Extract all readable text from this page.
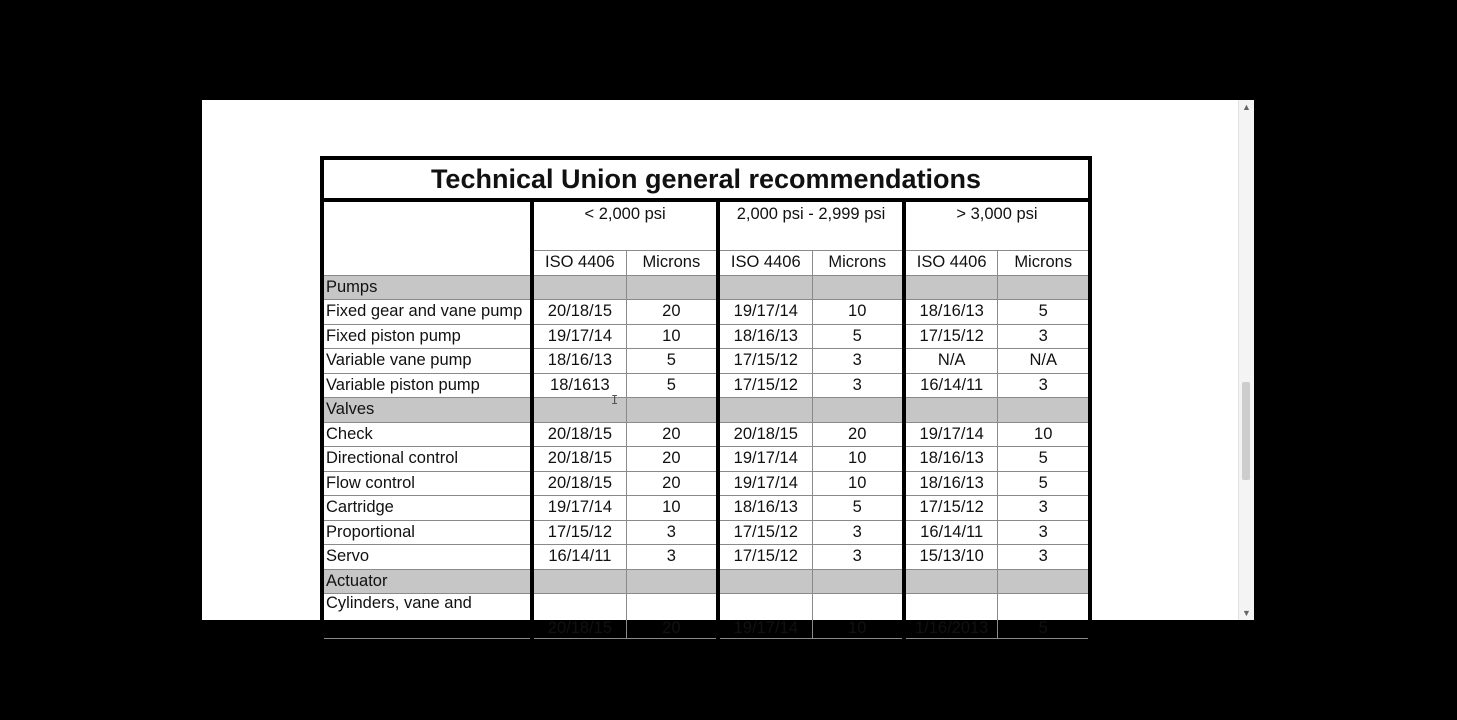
Technical Union general recommendations						
	< 2,000 psi		2,000 psi - 2,999 psi		> 3,000 psi	
	ISO 4406	Microns	ISO 4406	Microns	ISO 4406	Microns
Pumps						
Fixed gear and vane pump	20/18/15	20	19/17/14	10	18/16/13	5
Fixed piston pump	19/17/14	10	18/16/13	5	17/15/12	3
Variable vane pump	18/16/13	5	17/15/12	3	N/A	N/A
Variable piston pump	18/1613	5	17/15/12	3	16/14/11	3
Valves						
Check	20/18/15	20	20/18/15	20	19/17/14	10
Directional control	20/18/15	20	19/17/14	10	18/16/13	5
Flow control	20/18/15	20	19/17/14	10	18/16/13	5
Cartridge	19/17/14	10	18/16/13	5	17/15/12	3
Proportional	17/15/12	3	17/15/12	3	16/14/11	3
Servo	16/14/11	3	17/15/12	3	15/13/10	3
Actuator						
Cylinders, vane and	20/18/15	20	19/17/14	10	1/16/2013	5
I
▲
▼
